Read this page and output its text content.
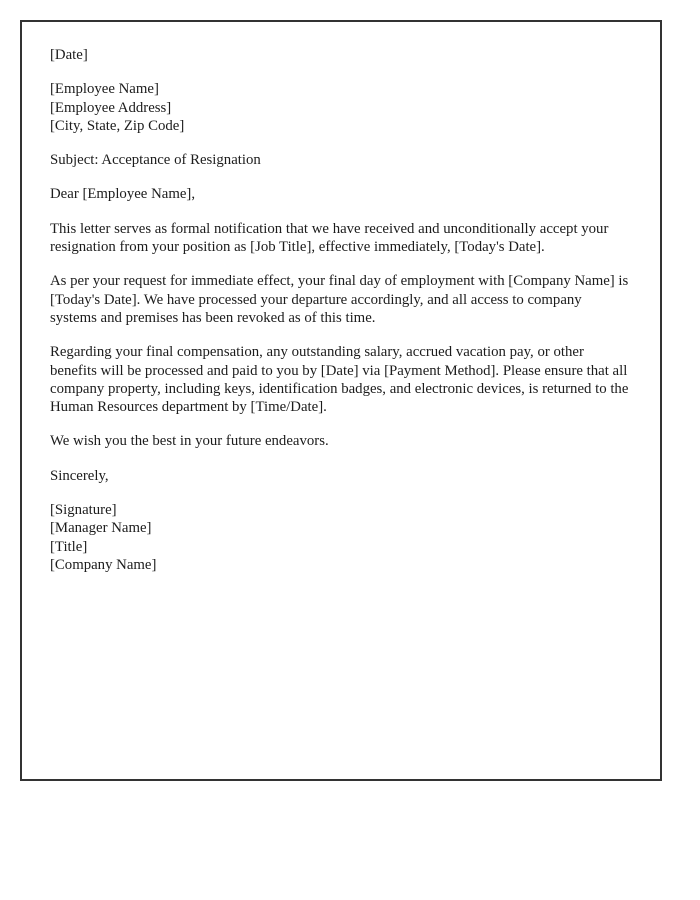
[Date]
[Employee Name]
[Employee Address]
[City, State, Zip Code]
Subject: Acceptance of Resignation
Dear [Employee Name],

This letter serves as formal notification that we have received and unconditionally accept your resignation from your position as [Job Title], effective immediately, [Today's Date].

As per your request for immediate effect, your final day of employment with [Company Name] is [Today's Date]. We have processed your departure accordingly, and all access to company systems and premises has been revoked as of this time.

Regarding your final compensation, any outstanding salary, accrued vacation pay, or other benefits will be processed and paid to you by [Date] via [Payment Method]. Please ensure that all company property, including keys, identification badges, and electronic devices, is returned to the Human Resources department by [Time/Date].

We wish you the best in your future endeavors.

Sincerely,
[Signature]
[Manager Name]
[Title]
[Company Name]
